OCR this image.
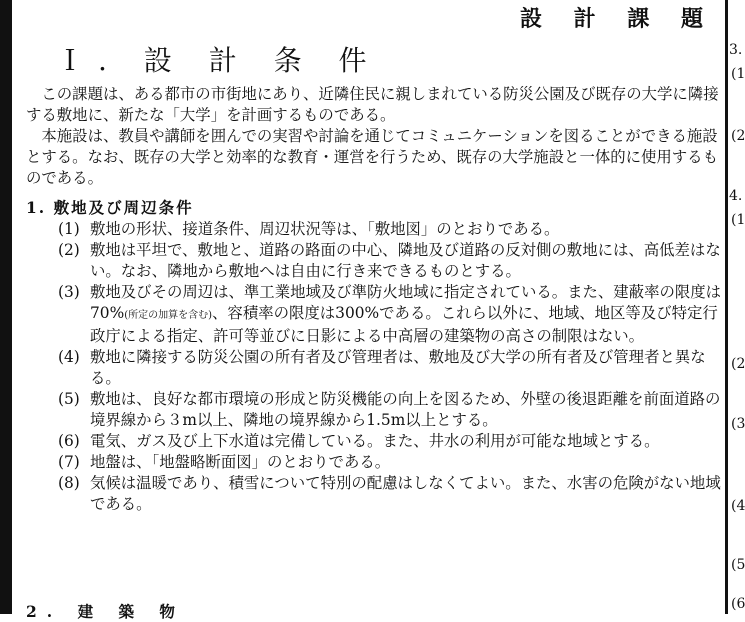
設 計 課 題
Ｉ. 設 計 条 件

この課題は、ある都市の市街地にあり、近隣住民に親しまれている防災公園及び既存の大学に隣接する敷地に、新たな「大学」を計画するものである。

本施設は、教員や講師を囲んでの実習や討論を通じてコミュニケーションを図ることができる施設とする。なお、既存の大学と効率的な教育・運営を行うため、既存の大学施設と一体的に使用するものである。

1. 敷地及び周辺条件
(1) 敷地の形状、接道条件、周辺状況等は、「敷地図」のとおりである。
(2) 敷地は平坦で、敷地と、道路の路面の中心、隣地及び道路の反対側の敷地には、高低差はない。なお、隣地から敷地へは自由に行き来できるものとする。
(3) 敷地及びその周辺は、準工業地域及び準防火地域に指定されている。また、建蔽率の限度は70%(所定の加算を含む)、容積率の限度は300%である。これら以外に、地域、地区等及び特定行政庁による指定、許可等並びに日影による中高層の建築物の高さの制限はない。
(4) 敷地に隣接する防災公園の所有者及び管理者は、敷地及び大学の所有者及び管理者と異なる。
(5) 敷地は、良好な都市環境の形成と防災機能の向上を図るため、外壁の後退距離を前面道路の境界線から３m以上、隣地の境界線から1.5m以上とする。
(6) 電気、ガス及び上下水道は完備している。また、井水の利用が可能な地域とする。
(7) 地盤は、「地盤略断面図」のとおりである。
(8) 気候は温暖であり、積雪について特別の配慮はしなくてよい。また、水害の危険がない地域である。
2. 建 築 物
3.
(1
(2
4.
(1
(2
(3
(4
(5
(6
